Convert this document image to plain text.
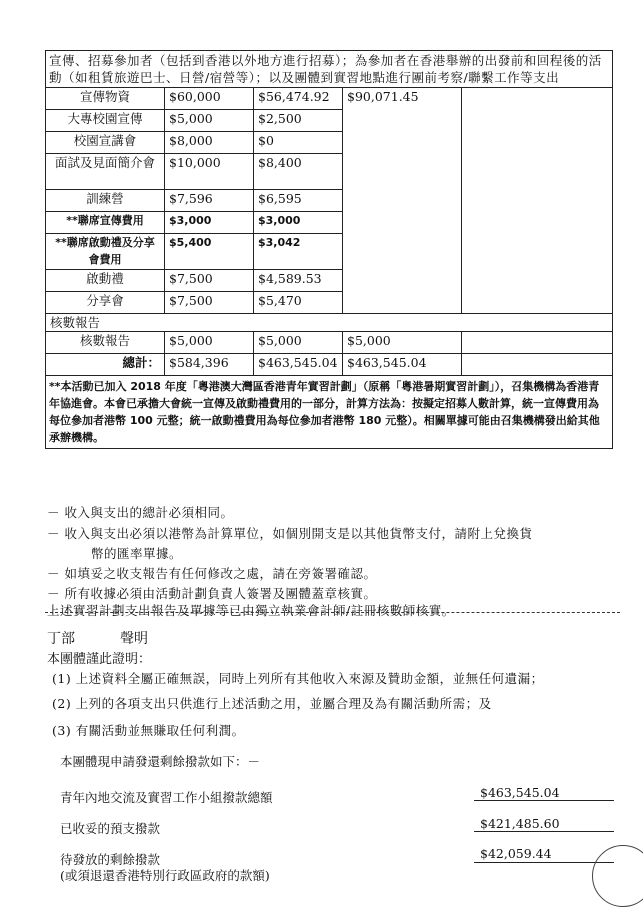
宣傳、招募參加者（包括到香港以外地方進行招募）；為參加者在香港舉辦的出發前和回程後的活動（如租賃旅遊巴士、日營/宿營等）；以及團體到實習地點進行團前考察/聯繫工作等支出				
宣傳物資	$60,000	$56,474.92	$90,071.45	
大專校園宣傳	$5,000	$2,500		
校園宣講會	$8,000	$0		
面試及見面簡介會	$10,000	$8,400		
訓練營	$7,596	$6,595		
**聯席宣傳費用	$3,000	$3,000		
**聯席啟動禮及分享會費用	$5,400	$3,042		
啟動禮	$7,500	$4,589.53		
分享會	$7,500	$5,470		
核數報告				
核數報告	$5,000	$5,000	$5,000	
總計：	$584,396	$463,545.04	$463,545.04	
**本活動已加入 2018 年度「粵港澳大灣區香港青年實習計劃」（原稱「粵港暑期實習計劃」），召集機構為香港青年協進會。本會已承擔大會統一宣傳及啟動禮費用的一部分，計算方法為：按擬定招募人數計算，統一宣傳費用為每位參加者港幣 100 元整；統一啟動禮費用為每位參加者港幣 180 元整）。相關單據可能由召集機構發出給其他承辦機構。				
－ 收入與支出的總計必須相同。
－ 收入與支出必須以港幣為計算單位，如個別開支是以其他貨幣支付，請附上兌換貨
幣的匯率單據。
－ 如填妥之收支報告有任何修改之處，請在旁簽署確認。
－ 所有收據必須由活動計劃負責人簽署及團體蓋章核實。
上述實習計劃支出報告及單據等已由獨立執業會計師/註冊核數師核實。
丁部	聲明
本團體謹此證明：
(1) 上述資料全屬正確無誤，同時上列所有其他收入來源及贊助金額，並無任何遺漏；
(2) 上列的各項支出只供進行上述活動之用，並屬合理及為有關活動所需；及
(3) 有關活動並無賺取任何利潤。
本團體現申請發還剩餘撥款如下：－
青年內地交流及實習工作小組撥款總額	$463,545.04
已收妥的預支撥款	$421,485.60
待發放的剩餘撥款	$42,059.44
(或須退還香港特別行政區政府的款額)
